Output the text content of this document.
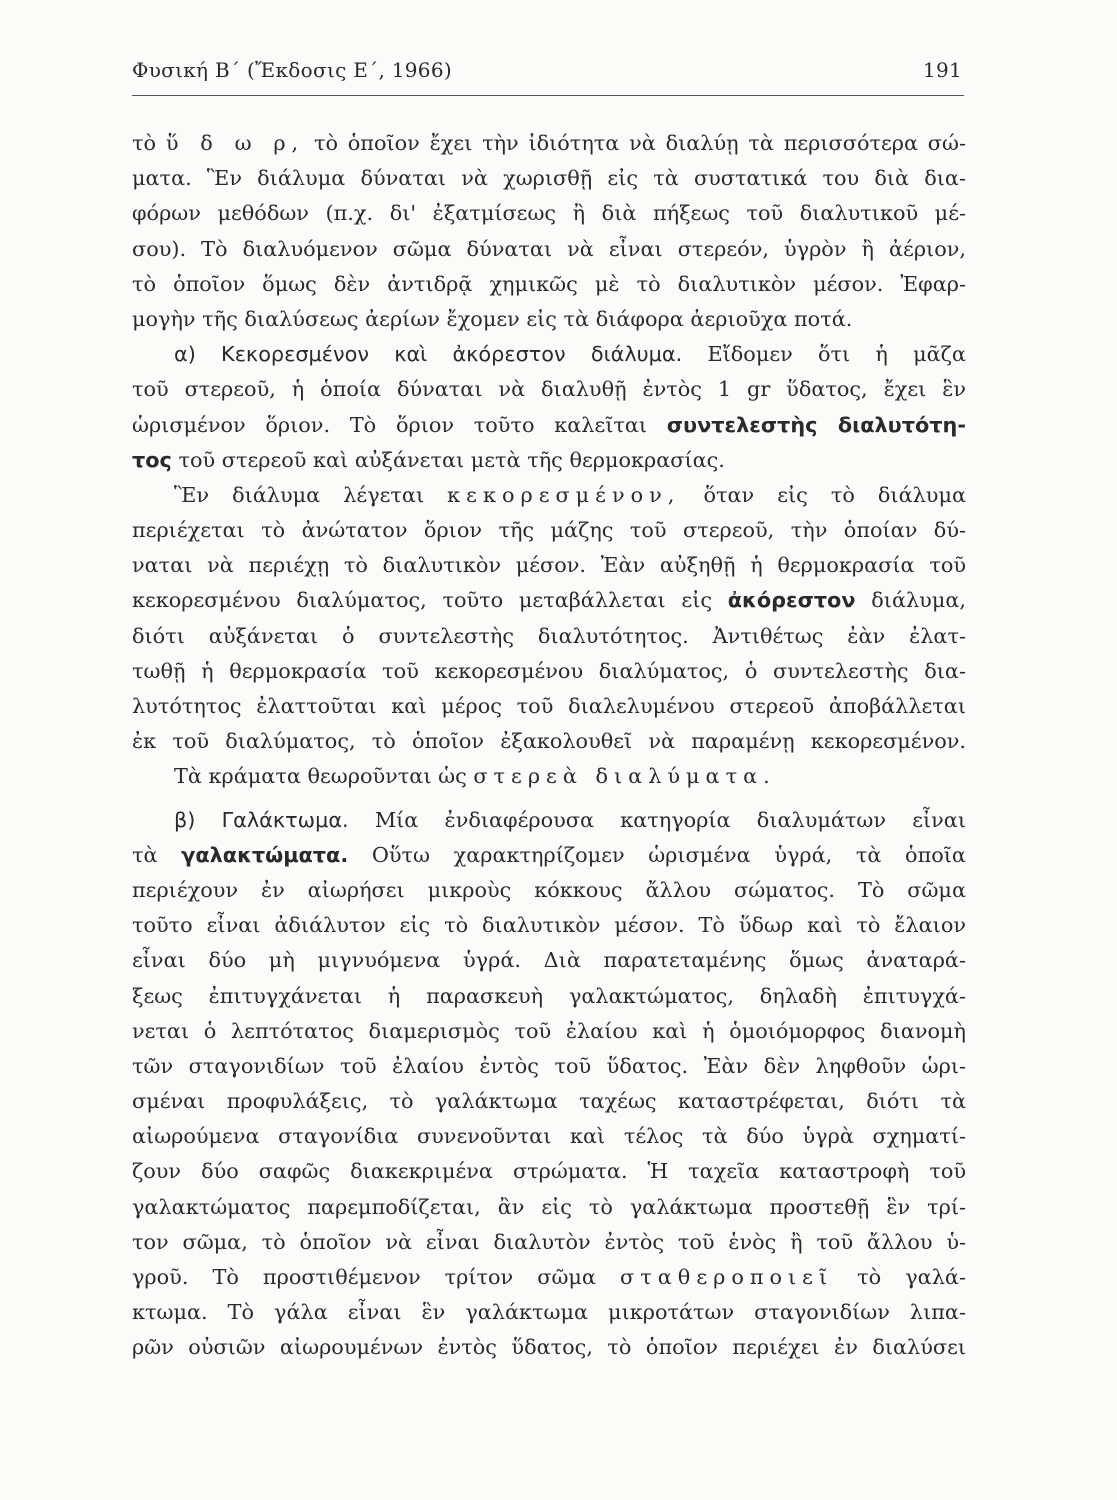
Φυσική Β΄ (Ἔκδοσις Ε΄, 1966)	191
τὸ ὕ δ ω ρ, τὸ ὁποῖον ἔχει τὴν ἰδιότητα νὰ διαλύῃ τὰ περισσότερα σώ-
ματα. Ἓν διάλυμα δύναται νὰ χωρισθῇ εἰς τὰ συστατικά του διὰ δια-
φόρων μεθόδων (π.χ. δι' ἐξατμίσεως ἢ διὰ πήξεως τοῦ διαλυτικοῦ μέ-
σου). Τὸ διαλυόμενον σῶμα δύναται νὰ εἶναι στερεόν, ὑγρὸν ἢ ἀέριον,
τὸ ὁποῖον ὅμως δὲν ἀντιδρᾷ χημικῶς μὲ τὸ διαλυτικὸν μέσον. Ἐφαρ-
μογὴν τῆς διαλύσεως ἀερίων ἔχομεν εἰς τὰ διάφορα ἀεριοῦχα ποτά.
α) Κεκορεσμένον καὶ ἀκόρεστον διάλυμα. Εἴδομεν ὅτι ἡ μᾶζα
τοῦ στερεοῦ, ἡ ὁποία δύναται νὰ διαλυθῇ ἐντὸς 1 gr ὕδατος, ἔχει ἓν
ὡρισμένον ὅριον. Τὸ ὅριον τοῦτο καλεῖται συντελεστὴς διαλυτότη-
τος τοῦ στερεοῦ καὶ αὐξάνεται μετὰ τῆς θερμοκρασίας.
Ἓν διάλυμα λέγεται κεκορεσμένον, ὅταν εἰς τὸ διάλυμα
περιέχεται τὸ ἀνώτατον ὅριον τῆς μάζης τοῦ στερεοῦ, τὴν ὁποίαν δύ-
ναται νὰ περιέχῃ τὸ διαλυτικὸν μέσον. Ἐὰν αὐξηθῇ ἡ θερμοκρασία τοῦ
κεκορεσμένου διαλύματος, τοῦτο μεταβάλλεται εἰς ἀκόρεστον διάλυμα,
διότι αὐξάνεται ὁ συντελεστὴς διαλυτότητος. Ἀντιθέτως ἐὰν ἐλατ-
τωθῇ ἡ θερμοκρασία τοῦ κεκορεσμένου διαλύματος, ὁ συντελεστὴς δια-
λυτότητος ἐλαττοῦται καὶ μέρος τοῦ διαλελυμένου στερεοῦ ἀποβάλλεται
ἐκ τοῦ διαλύματος, τὸ ὁποῖον ἐξακολουθεῖ νὰ παραμένῃ κεκορεσμένον.
Τὰ κράματα θεωροῦνται ὡς στερεὰ διαλύματα.
β) Γαλάκτωμα. Μία ἐνδιαφέρουσα κατηγορία διαλυμάτων εἶναι
τὰ γαλακτώματα. Οὕτω χαρακτηρίζομεν ὡρισμένα ὑγρά, τὰ ὁποῖα
περιέχουν ἐν αἰωρήσει μικροὺς κόκκους ἄλλου σώματος. Τὸ σῶμα
τοῦτο εἶναι ἀδιάλυτον εἰς τὸ διαλυτικὸν μέσον. Τὸ ὕδωρ καὶ τὸ ἔλαιον
εἶναι δύο μὴ μιγνυόμενα ὑγρά. Διὰ παρατεταμένης ὅμως ἀναταρά-
ξεως ἐπιτυγχάνεται ἡ παρασκευὴ γαλακτώματος, δηλαδὴ ἐπιτυγχά-
νεται ὁ λεπτότατος διαμερισμὸς τοῦ ἐλαίου καὶ ἡ ὁμοιόμορφος διανομὴ
τῶν σταγονιδίων τοῦ ἐλαίου ἐντὸς τοῦ ὕδατος. Ἐὰν δὲν ληφθοῦν ὡρι-
σμέναι προφυλάξεις, τὸ γαλάκτωμα ταχέως καταστρέφεται, διότι τὰ
αἰωρούμενα σταγονίδια συνενοῦνται καὶ τέλος τὰ δύο ὑγρὰ σχηματί-
ζουν δύο σαφῶς διακεκριμένα στρώματα. Ἡ ταχεῖα καταστροφὴ τοῦ
γαλακτώματος παρεμποδίζεται, ἂν εἰς τὸ γαλάκτωμα προστεθῇ ἓν τρί-
τον σῶμα, τὸ ὁποῖον νὰ εἶναι διαλυτὸν ἐντὸς τοῦ ἑνὸς ἢ τοῦ ἄλλου ὑ-
γροῦ. Τὸ προστιθέμενον τρίτον σῶμα σταθεροποιεῖ τὸ γαλά-
κτωμα. Τὸ γάλα εἶναι ἓν γαλάκτωμα μικροτάτων σταγονιδίων λιπα-
ρῶν οὐσιῶν αἰωρουμένων ἐντὸς ὕδατος, τὸ ὁποῖον περιέχει ἐν διαλύσει
